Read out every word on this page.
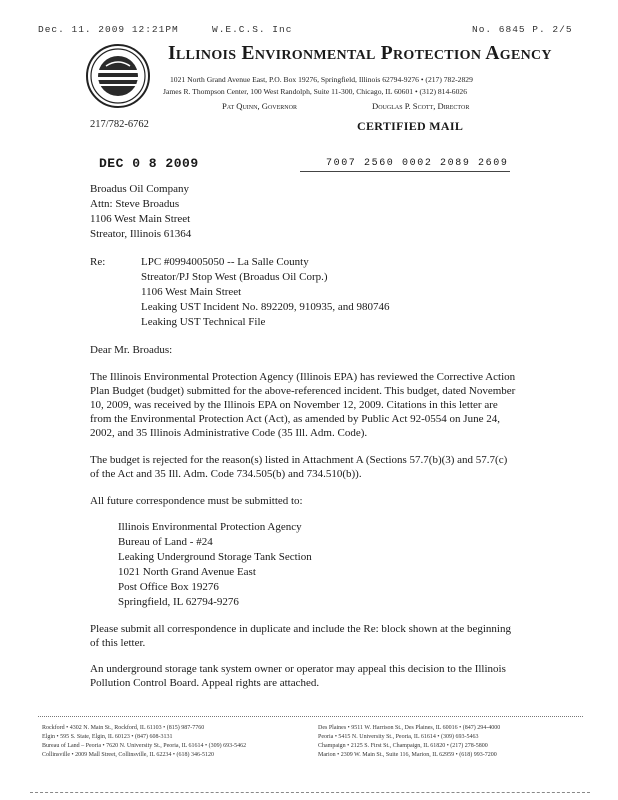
Dec. 11. 2009 12:21PM	W.E.C.S. Inc	No. 6845 P. 2/5
Illinois Environmental Protection Agency
1021 North Grand Avenue East, P.O. Box 19276, Springfield, Illinois 62794-9276 • (217) 782-2829
James R. Thompson Center, 100 West Randolph, Suite 11-300, Chicago, IL 60601 • (312) 814-6026
Pat Quinn, Governor	Douglas P. Scott, Director
217/782-6762	CERTIFIED MAIL
DEC 0 8 2009	7007 2560 0002 2089 2609
Broadus Oil Company
Attn: Steve Broadus
1106 West Main Street
Streator, Illinois 61364
Re:	LPC #0994005050 -- La Salle County
Streator/PJ Stop West (Broadus Oil Corp.)
1106 West Main Street
Leaking UST Incident No. 892209, 910935, and 980746
Leaking UST Technical File
Dear Mr. Broadus:
The Illinois Environmental Protection Agency (Illinois EPA) has reviewed the Corrective Action
Plan Budget (budget) submitted for the above-referenced incident. This budget, dated November
10, 2009, was received by the Illinois EPA on November 12, 2009. Citations in this letter are
from the Environmental Protection Act (Act), as amended by Public Act 92-0554 on June 24,
2002, and 35 Illinois Administrative Code (35 Ill. Adm. Code).
The budget is rejected for the reason(s) listed in Attachment A (Sections 57.7(b)(3) and 57.7(c)
of the Act and 35 Ill. Adm. Code 734.505(b) and 734.510(b)).
All future correspondence must be submitted to:
Illinois Environmental Protection Agency
Bureau of Land - #24
Leaking Underground Storage Tank Section
1021 North Grand Avenue East
Post Office Box 19276
Springfield, IL 62794-9276
Please submit all correspondence in duplicate and include the Re: block shown at the beginning
of this letter.
An underground storage tank system owner or operator may appeal this decision to the Illinois
Pollution Control Board. Appeal rights are attached.
Rockford • 4302 N. Main St., Rockford, IL 61103 • (815) 987-7760
Elgin • 595 S. State, Elgin, IL 60123 • (847) 608-3131
Bureau of Land – Peoria • 7620 N. University St., Peoria, IL 61614 • (309) 693-5462
Collinsville • 2009 Mall Street, Collinsville, IL 62234 • (618) 346-5120
Des Plaines • 9511 W. Harrison St., Des Plaines, IL 60016 • (847) 294-4000
Peoria • 5415 N. University St., Peoria, IL 61614 • (309) 693-5463
Champaign • 2125 S. First St., Champaign, IL 61820 • (217) 278-5800
Marion • 2309 W. Main St., Suite 116, Marion, IL 62959 • (618) 993-7200
